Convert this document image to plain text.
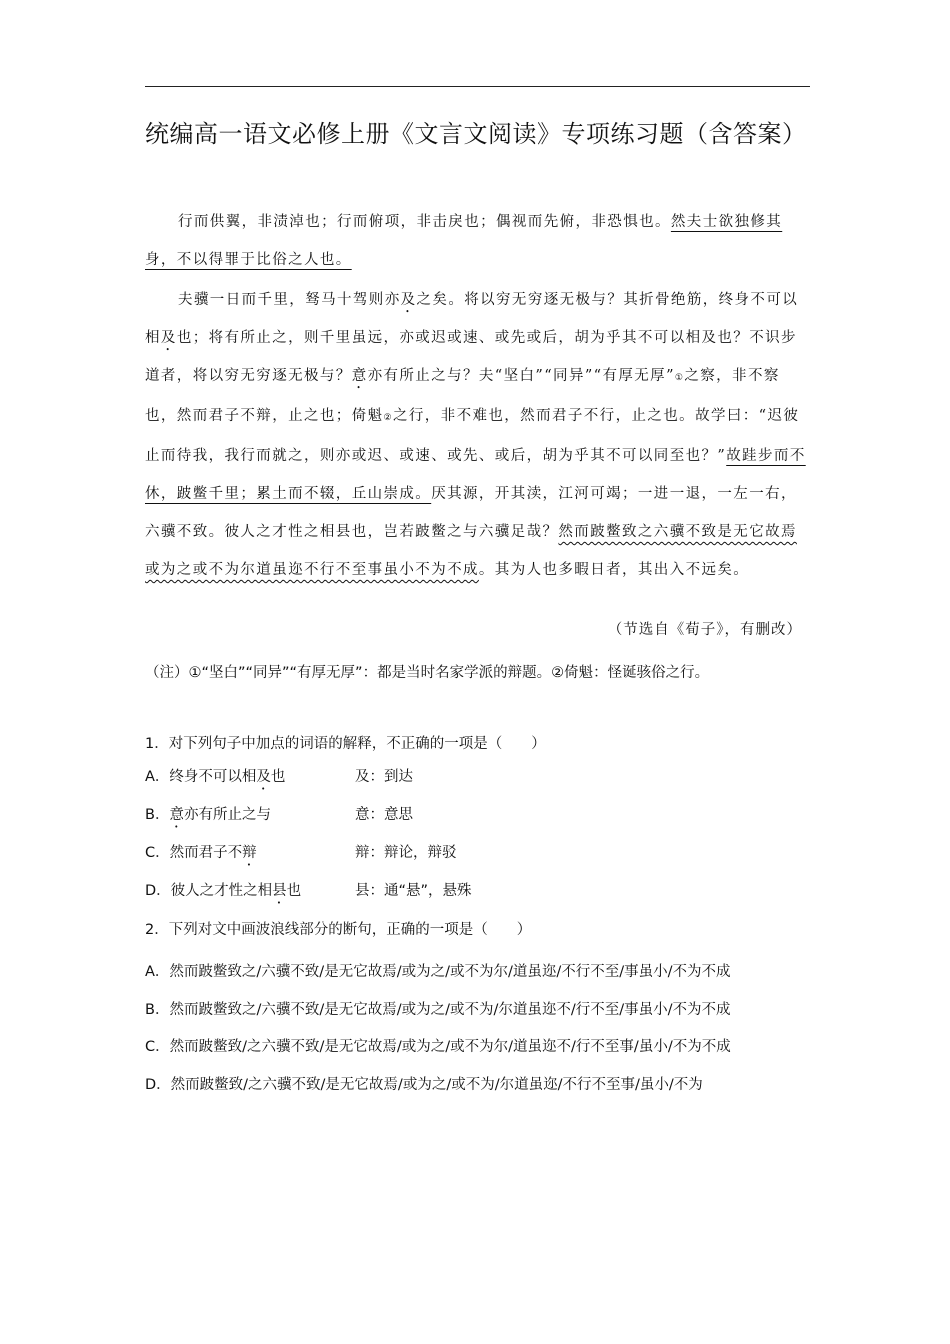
统编高一语文必修上册《文言文阅读》专项练习题（含答案）
行而供翼，非渍淖也；行而俯项，非击戾也；偶视而先俯，非恐惧也。然夫士欲独修其身，不以得罪于比俗之人也。
夫骥一日而千里，驽马十驾则亦及之矣。将以穷无穷逐无极与？其折骨绝筋，终身不可以相及也；将有所止之，则千里虽远，亦或迟或速、或先或后，胡为乎其不可以相及也？不识步道者，将以穷无穷逐无极与？意亦有所止之与？夫“坚白”“同异”“有厚无厚”①之察，非不察也，然而君子不辩，止之也；倚魁②之行，非不难也，然而君子不行，止之也。故学曰：“迟彼止而待我，我行而就之，则亦或迟、或速、或先、或后，胡为乎其不可以同至也？”故跬步而不休，跛鳖千里；累土而不辍，丘山崇成。厌其源，开其渎，江河可竭；一进一退，一左一右，六骥不致。彼人之才性之相县也，岂若跛鳖之与六骥足哉？然而跛鳖致之六骥不致是无它故焉或为之或不为尔道虽迩不行不至事虽小不为不成。其为人也多暇日者，其出入不远矣。
（节选自《荀子》，有删改）
（注）①“坚白”“同异”“有厚无厚”：都是当时名家学派的辩题。②倚魁：怪诞骇俗之行。
1．对下列句子中加点的词语的解释，不正确的一项是（　　）
A．终身不可以相及也	及：到达
B．意亦有所止之与	意：意思
C．然而君子不辩	辩：辩论，辩驳
D．彼人之才性之相县也	县：通“悬”，悬殊
2．下列对文中画波浪线部分的断句，正确的一项是（　　）
A．然而跛鳖致之/六骥不致/是无它故焉/或为之/或不为尔/道虽迩/不行不至/事虽小/不为不成
B．然而跛鳖致之/六骥不致/是无它故焉/或为之/或不为/尔道虽迩不/行不至/事虽小/不为不成
C．然而跛鳖致/之六骥不致/是无它故焉/或为之/或不为尔/道虽迩不/行不至事/虽小/不为不成
D．然而跛鳖致/之六骥不致/是无它故焉/或为之/或不为/尔道虽迩/不行不至事/虽小/不为
